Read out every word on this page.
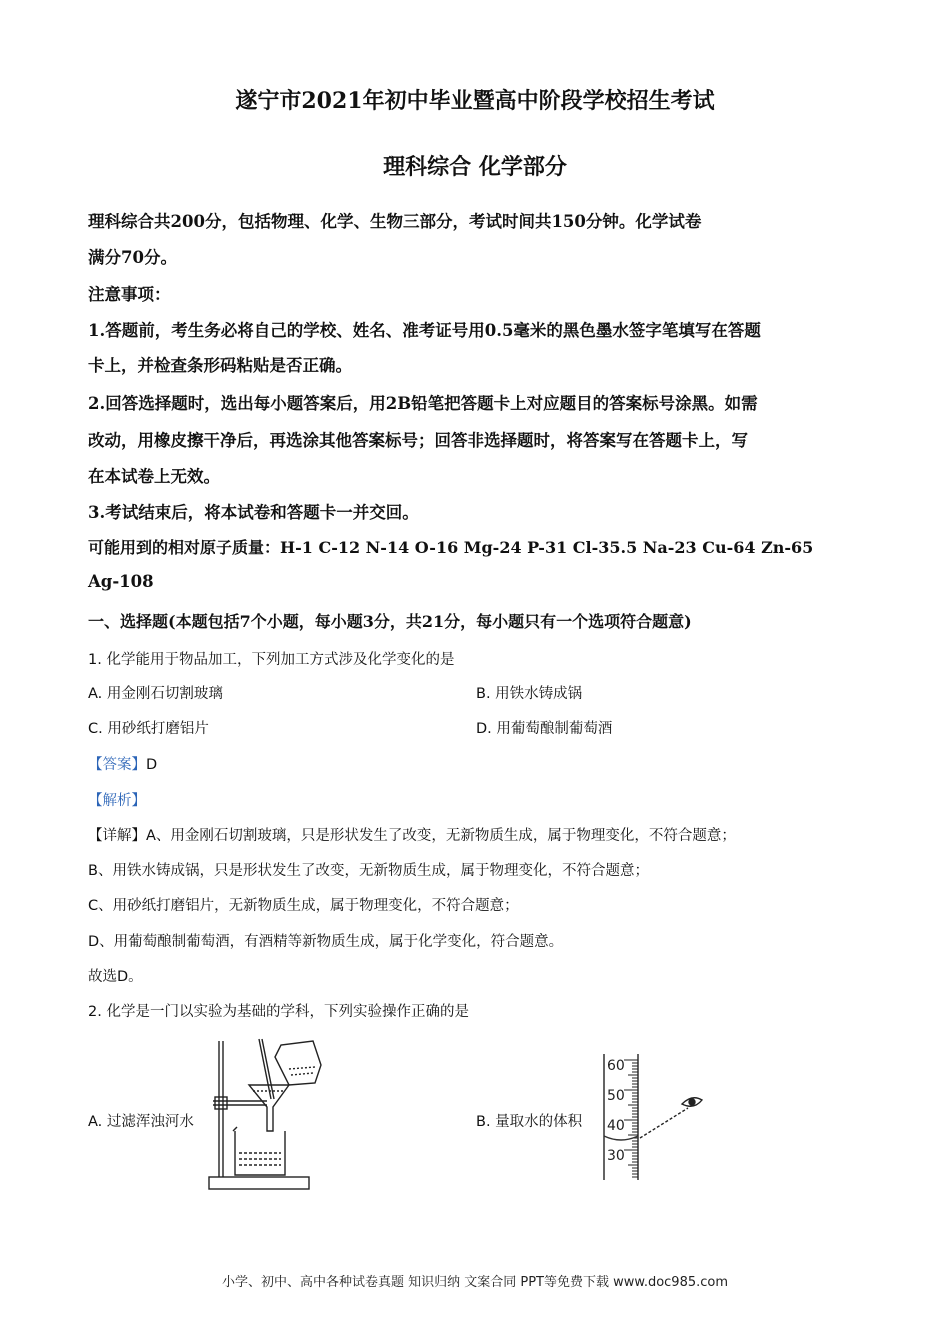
遂宁市2021年初中毕业暨高中阶段学校招生考试
理科综合 化学部分
理科综合共200分，包括物理、化学、生物三部分，考试时间共150分钟。化学试卷
满分70分。
注意事项：
1.答题前，考生务必将自己的学校、姓名、准考证号用0.5毫米的黑色墨水签字笔填写在答题
卡上，并检查条形码粘贴是否正确。
2.回答选择题时，选出每小题答案后，用2B铅笔把答题卡上对应题目的答案标号涂黑。如需
改动，用橡皮擦干净后，再选涂其他答案标号；回答非选择题时，将答案写在答题卡上，写
在本试卷上无效。
3.考试结束后，将本试卷和答题卡一并交回。
可能用到的相对原子质量：H-1 C-12 N-14 O-16 Mg-24 P-31 Cl-35.5 Na-23 Cu-64 Zn-65
Ag-108
一、选择题(本题包括7个小题，每小题3分，共21分，每小题只有一个选项符合题意)
1. 化学能用于物品加工，下列加工方式涉及化学变化的是
A. 用金刚石切割玻璃	B. 用铁水铸成锅
C. 用砂纸打磨铝片	D. 用葡萄酿制葡萄酒
【答案】D
【解析】
【详解】A、用金刚石切割玻璃，只是形状发生了改变，无新物质生成，属于物理变化，不符合题意；
B、用铁水铸成锅，只是形状发生了改变，无新物质生成，属于物理变化，不符合题意；
C、用砂纸打磨铝片，无新物质生成，属于物理变化，不符合题意；
D、用葡萄酿制葡萄酒，有酒精等新物质生成，属于化学变化，符合题意。
故选D。
2. 化学是一门以实验为基础的学科，下列实验操作正确的是
A. 过滤浑浊河水	B. 量取水的体积
60
50
40
30
小学、初中、高中各种试卷真题 知识归纳 文案合同 PPT等免费下载 www.doc985.com
